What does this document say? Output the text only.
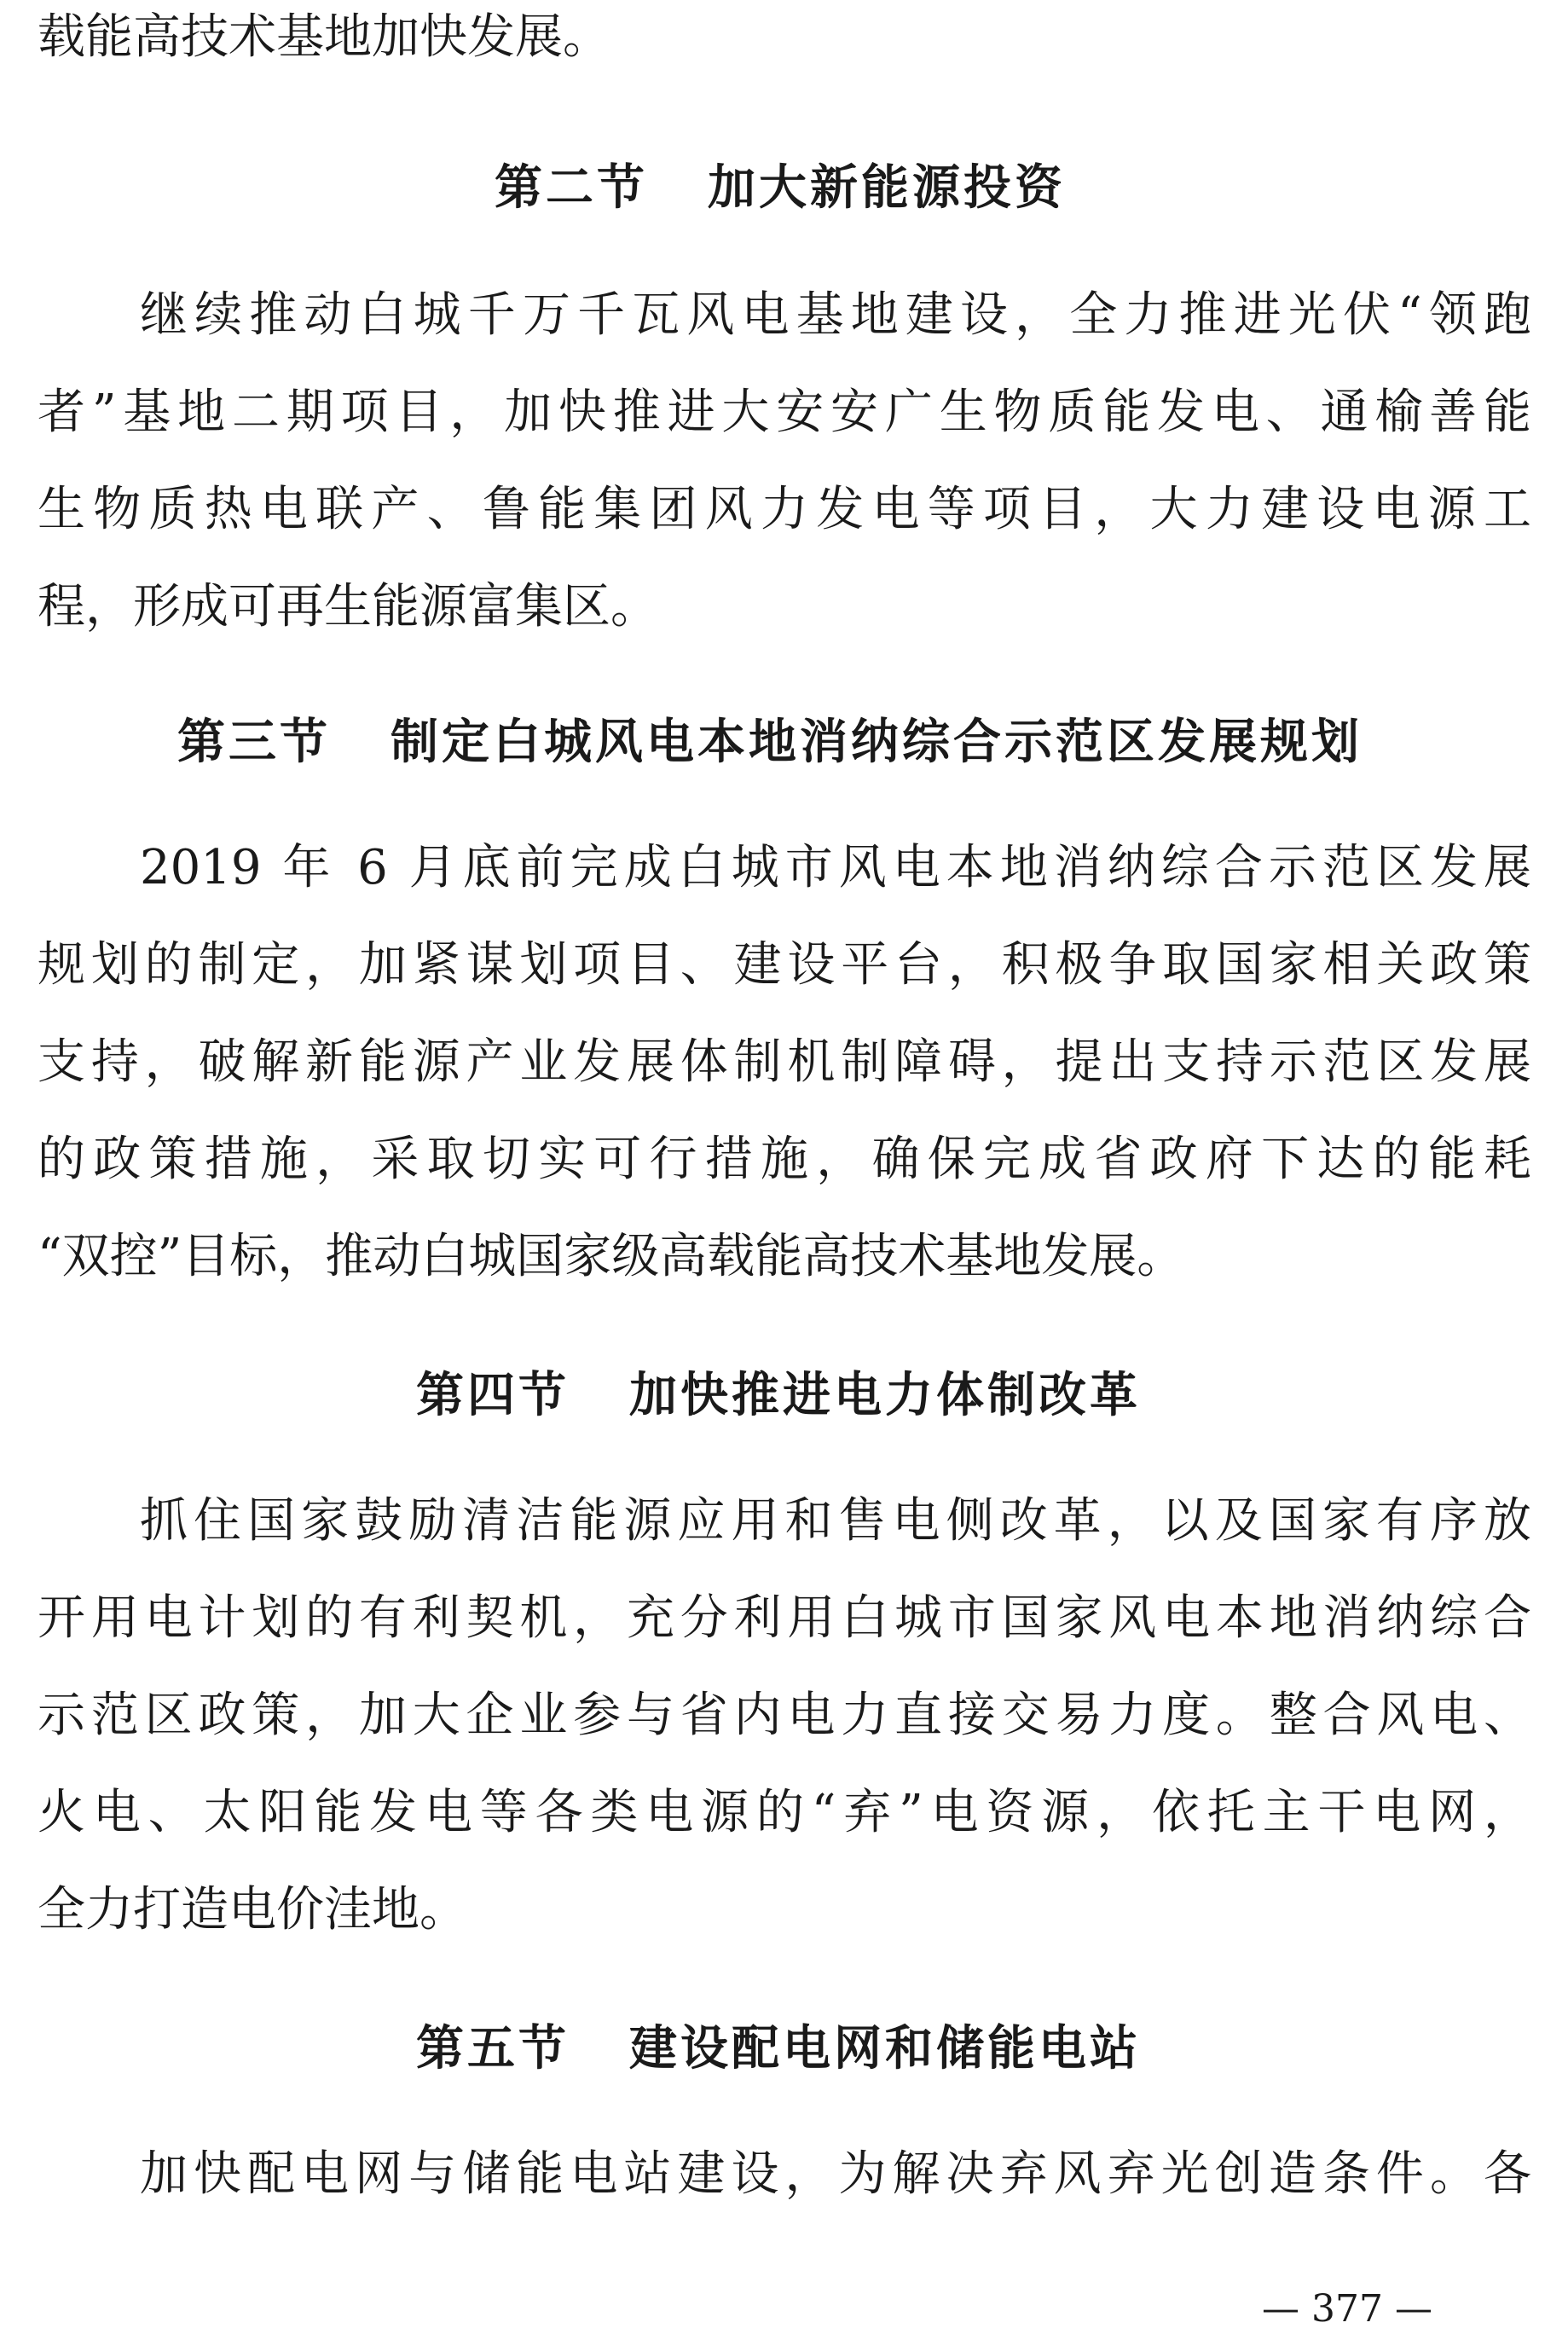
载能高技术基地加快发展。
第二节 加大新能源投资
继续推动白城千万千瓦风电基地建设，全力推进光伏“领跑
者”基地二期项目，加快推进大安安广生物质能发电、通榆善能
生物质热电联产、鲁能集团风力发电等项目，大力建设电源工
程，形成可再生能源富集区。
第三节 制定白城风电本地消纳综合示范区发展规划
2019 年 6 月底前完成白城市风电本地消纳综合示范区发展
规划的制定，加紧谋划项目、建设平台，积极争取国家相关政策
支持，破解新能源产业发展体制机制障碍，提出支持示范区发展
的政策措施，采取切实可行措施，确保完成省政府下达的能耗
“双控”目标，推动白城国家级高载能高技术基地发展。
第四节 加快推进电力体制改革
抓住国家鼓励清洁能源应用和售电侧改革，以及国家有序放
开用电计划的有利契机，充分利用白城市国家风电本地消纳综合
示范区政策，加大企业参与省内电力直接交易力度。整合风电、
火电、太阳能发电等各类电源的“弃”电资源，依托主干电网，
全力打造电价洼地。
第五节 建设配电网和储能电站
加快配电网与储能电站建设，为解决弃风弃光创造条件。各
— 377 —
